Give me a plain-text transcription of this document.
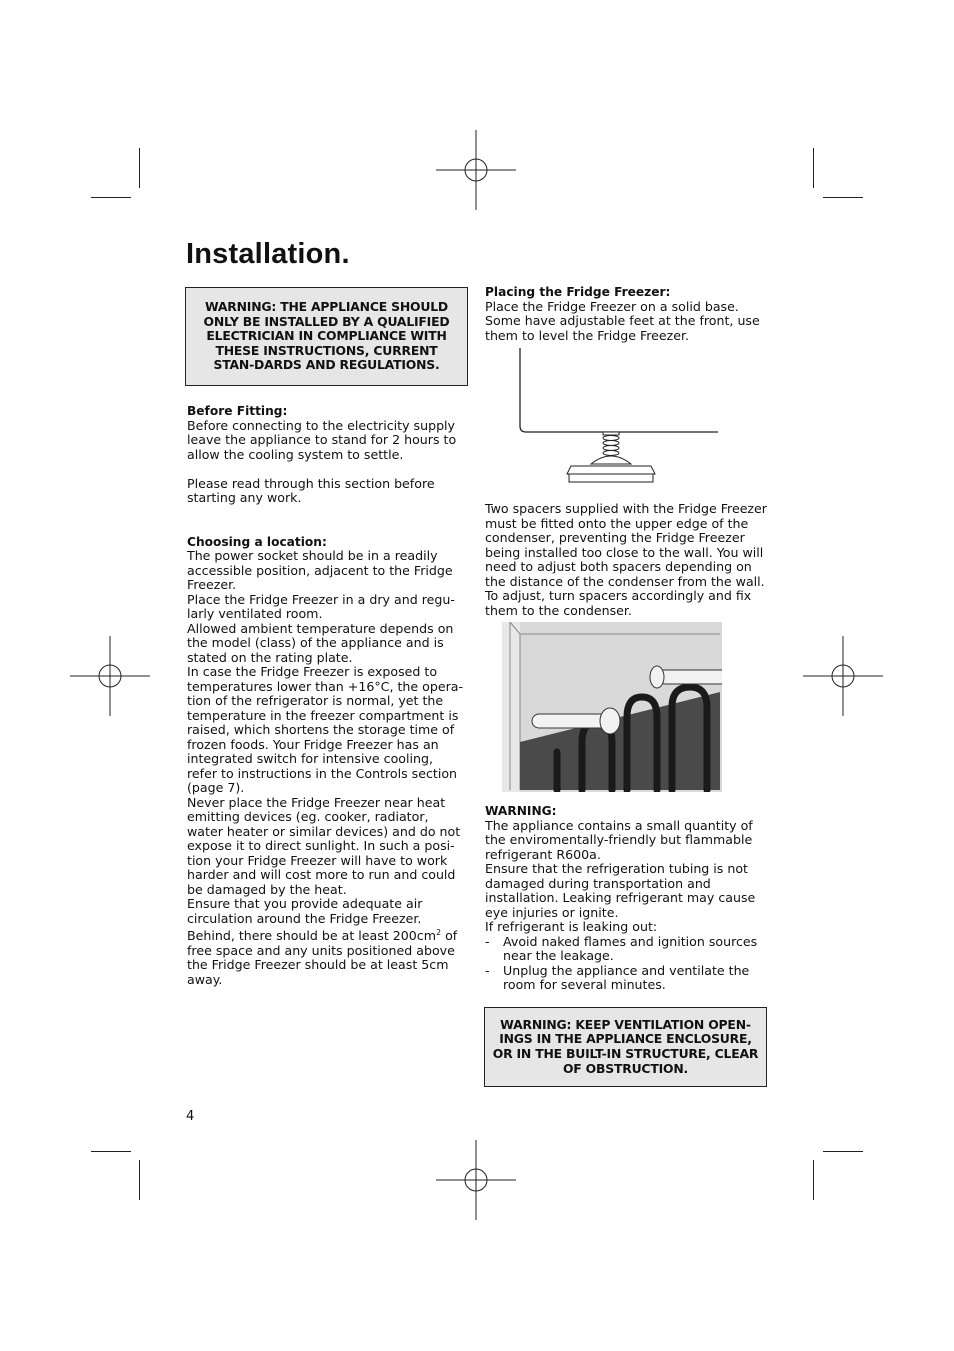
Installation.
WARNING: THE APPLIANCE SHOULD ONLY BE INSTALLED BY A QUALIFIED ELECTRICIAN IN COMPLIANCE WITH THESE INSTRUCTIONS, CURRENT STAN-DARDS AND REGULATIONS.

Before Fitting:

Before connecting to the electricity supply leave the appliance to stand for 2 hours to allow the cooling system to settle.

Please read through this section before starting any work.

Choosing a location:

The power socket should be in a readily accessible position, adjacent to the Fridge Freezer.

Place the Fridge Freezer in a dry and regu-larly ventilated room.

Allowed ambient temperature depends on the model (class) of the appliance and is stated on the rating plate.

In case the Fridge Freezer is exposed to temperatures lower than +16°C, the opera-tion of the refrigerator is normal, yet the temperature in the freezer compartment is raised, which shortens the storage time of frozen foods. Your Fridge Freezer has an integrated switch for intensive cooling, refer to instructions in the Controls section (page 7).

Never place the Fridge Freezer near heat emitting devices (eg. cooker, radiator, water heater or similar devices) and do not expose it to direct sunlight. In such a posi-tion your Fridge Freezer will have to work harder and will cost more to run and could be damaged by the heat.

Ensure that you provide adequate air circulation around the Fridge Freezer.

Behind, there should be at least $200cm^2$ of free space and any units positioned above the Fridge Freezer should be at least 5cm away.

Placing the Fridge Freezer:

Place the Fridge Freezer on a solid base. Some have adjustable feet at the front, use them to level the Fridge Freezer.

Two spacers supplied with the Fridge Freezer must be fitted onto the upper edge of the condenser, preventing the Fridge Freezer being installed too close to the wall. You will need to adjust both spacers depending on the distance of the condenser from the wall. To adjust, turn spacers accordingly and fix them to the condenser.

WARNING:

The appliance contains a small quantity of the enviromentally-friendly but flammable refrigerant R600a.

Ensure that the refrigeration tubing is not damaged during transportation and installation. Leaking refrigerant may cause eye injuries or ignite.

If refrigerant is leaking out:

-	Avoid naked flames and ignition sources near the leakage.

-	Unplug the appliance and ventilate the room for several minutes.

WARNING: KEEP VENTILATION OPEN-INGS IN THE APPLIANCE ENCLOSURE, OR IN THE BUILT-IN STRUCTURE, CLEAR OF OBSTRUCTION.
4
